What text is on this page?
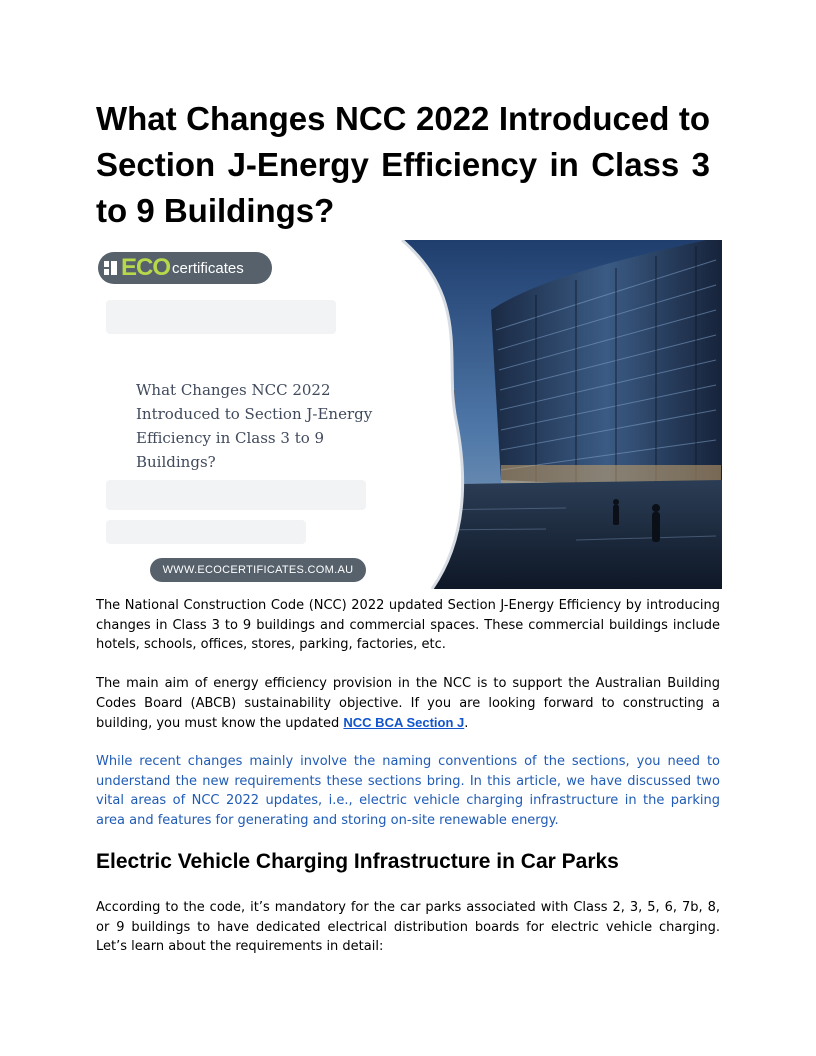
What Changes NCC 2022 Introduced to Section J-Energy Efficiency in Class 3 to 9 Buildings?
ECO certificates
What Changes NCC 2022 Introduced to Section J-Energy Efficiency in Class 3 to 9 Buildings?
WWW.ECOCERTIFICATES.COM.AU

The National Construction Code (NCC) 2022 updated Section J-Energy Efficiency by introducing changes in Class 3 to 9 buildings and commercial spaces. These commercial buildings include hotels, schools, offices, stores, parking, factories, etc.

The main aim of energy efficiency provision in the NCC is to support the Australian Building Codes Board (ABCB) sustainability objective. If you are looking forward to constructing a building, you must know the updated NCC BCA Section J.

While recent changes mainly involve the naming conventions of the sections, you need to understand the new requirements these sections bring. In this article, we have discussed two vital areas of NCC 2022 updates, i.e., electric vehicle charging infrastructure in the parking area and features for generating and storing on-site renewable energy.

Electric Vehicle Charging Infrastructure in Car Parks

According to the code, it’s mandatory for the car parks associated with Class 2, 3, 5, 6, 7b, 8, or 9 buildings to have dedicated electrical distribution boards for electric vehicle charging. Let’s learn about the requirements in detail:
